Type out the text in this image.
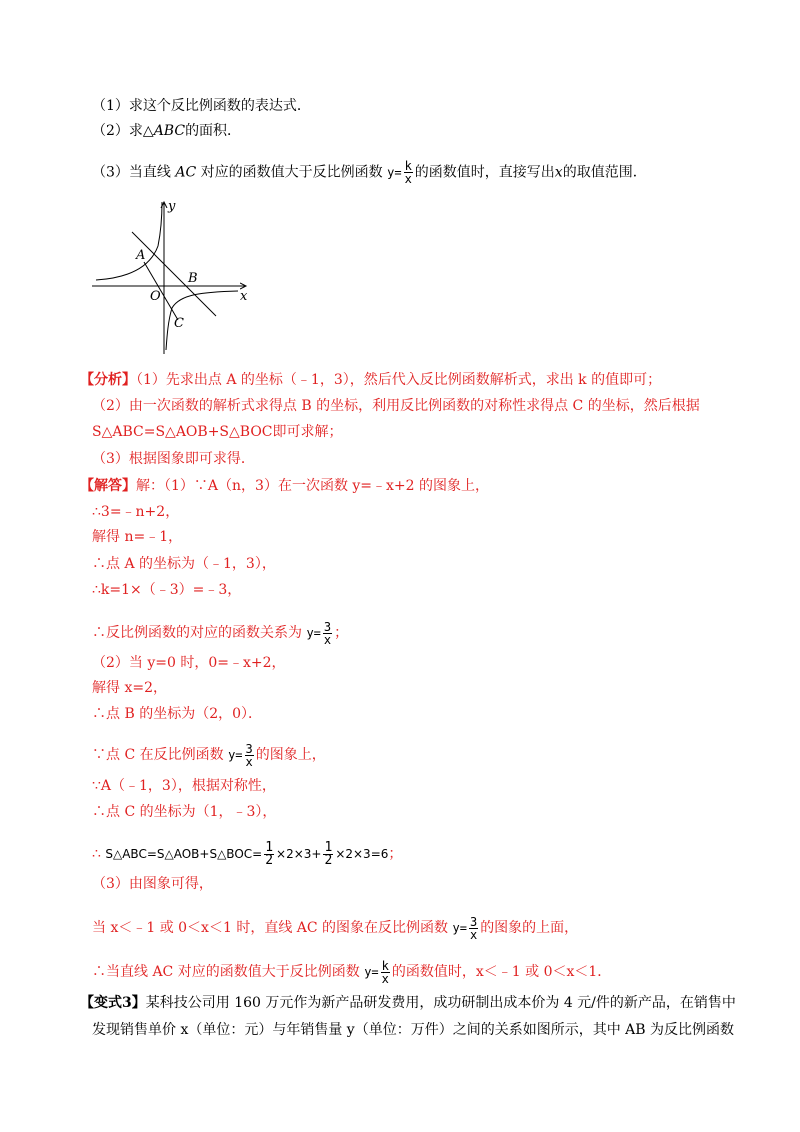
（1）求这个反比例函数的表达式．
（2）求△ABC的面积．
（3）当直线 AC 对应的函数值大于反比例函数 $y= \frac{k}{x}$ 的函数值时，直接写出x的取值范围．
y
x
O
A
B
C
【分析】（1）先求出点 A 的坐标（﹣1，3），然后代入反比例函数解析式，求出 k 的值即可；
（2）由一次函数的解析式求得点 B 的坐标，利用反比例函数的对称性求得点 C 的坐标，然后根据
S△ABC=S△AOB+S△BOC即可求解；
（3）根据图象即可求得．
【解答】解：（1）∵A（n，3）在一次函数 y=﹣x+2 的图象上，
∴3=﹣n+2，
解得 n=﹣1，
∴点 A 的坐标为（﹣1，3），
∴k=1×（﹣3）=﹣3，
∴反比例函数的对应的函数关系为 $y= \frac{3}{x}$ ；
（2）当 y=0 时，0=﹣x+2，
解得 x=2，
∴点 B 的坐标为（2，0）．
∵点 C 在反比例函数 $y= \frac{3}{x}$ 的图象上，
∵A（﹣1，3），根据对称性，
∴点 C 的坐标为（1，﹣3），
∴ S△ABC=S△AOB+S△BOC= $\frac{1}{2} \times 2\times 3+ \frac{1}{2} \times 2\times 3=6$；
（3）由图象可得，
当 x＜﹣1 或 0＜x＜1 时，直线 AC 的图象在反比例函数 $y= \frac{3}{x}$ 的图象的上面，
∴当直线 AC 对应的函数值大于反比例函数 $y= \frac{k}{x}$ 的函数值时，x＜﹣1 或 0＜x＜1．
【变式3】某科技公司用 160 万元作为新产品研发费用，成功研制出成本价为 4 元/件的新产品，在销售中
发现销售单价 x（单位：元）与年销售量 y（单位：万件）之间的关系如图所示，其中 AB 为反比例函数
